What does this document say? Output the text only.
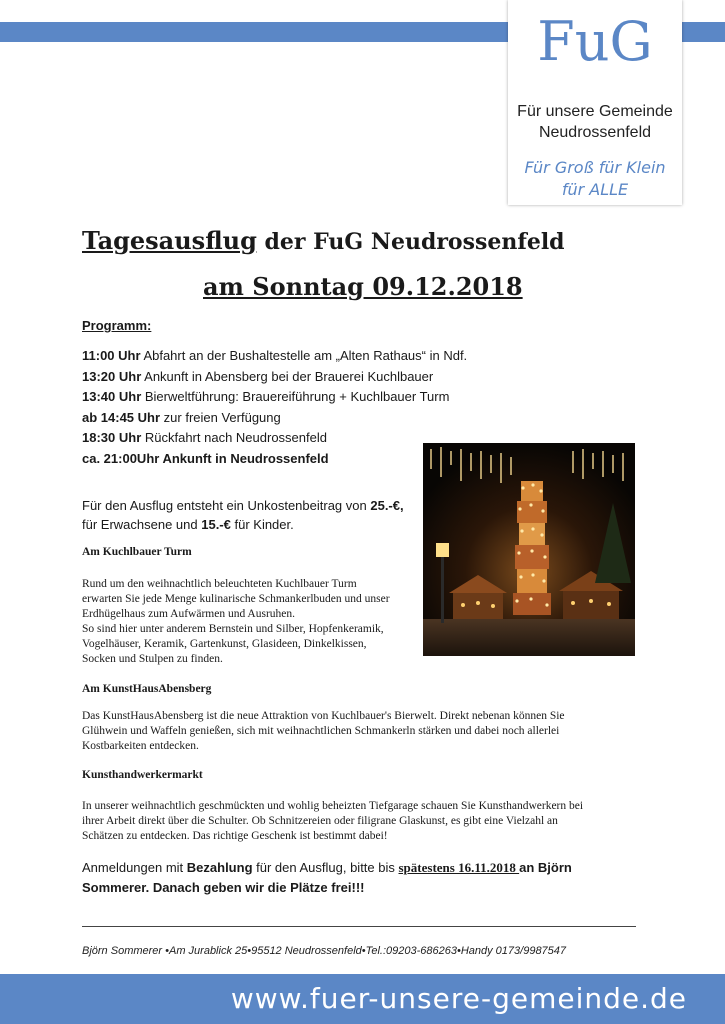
FuG
Für unsere Gemeinde
Neudrossenfeld
Für Groß für Klein
für ALLE
Tagesausflug der FuG Neudrossenfeld
am Sonntag 09.12.2018
Programm:
11:00 Uhr Abfahrt an der Bushaltestelle am „Alten Rathaus“ in Ndf.
13:20 Uhr Ankunft in Abensberg bei der Brauerei Kuchlbauer
13:40 Uhr Bierweltführung: Brauereiführung + Kuchlbauer Turm
ab 14:45 Uhr zur freien Verfügung
18:30 Uhr Rückfahrt nach Neudrossenfeld
ca. 21:00Uhr Ankunft in Neudrossenfeld
Für den Ausflug entsteht ein Unkostenbeitrag von 25.-€, für Erwachsene und 15.-€ für Kinder.
Am Kuchlbauer Turm
Rund um den weihnachtlich beleuchteten Kuchlbauer Turm
erwarten Sie jede Menge kulinarische Schmankerlbuden und unser
Erdhügelhaus zum Aufwärmen und Ausruhen.
So sind hier unter anderem Bernstein und Silber, Hopfenkeramik,
Vogelhäuser, Keramik, Gartenkunst, Glasideen, Dinkelkissen,
Socken und Stulpen zu finden.
Am KunstHausAbensberg
Das KunstHausAbensberg ist die neue Attraktion von Kuchlbauer's Bierwelt. Direkt nebenan können Sie
Glühwein und Waffeln genießen, sich mit weihnachtlichen Schmankerln stärken und dabei noch allerlei
Kostbarkeiten entdecken.
Kunsthandwerkermarkt
In unserer weihnachtlich geschmückten und wohlig beheizten Tiefgarage schauen Sie Kunsthandwerkern bei
ihrer Arbeit direkt über die Schulter. Ob Schnitzereien oder filigrane Glaskunst, es gibt eine Vielzahl an
Schätzen zu entdecken. Das richtige Geschenk ist bestimmt dabei!
Anmeldungen mit Bezahlung für den Ausflug, bitte bis spätestens 16.11.2018 an Björn Sommerer. Danach geben wir die Plätze frei!!!
Björn Sommerer •Am Jurablick 25•95512 Neudrossenfeld•Tel.:09203-686263•Handy 0173/9987547
www.fuer-unsere-gemeinde.de
